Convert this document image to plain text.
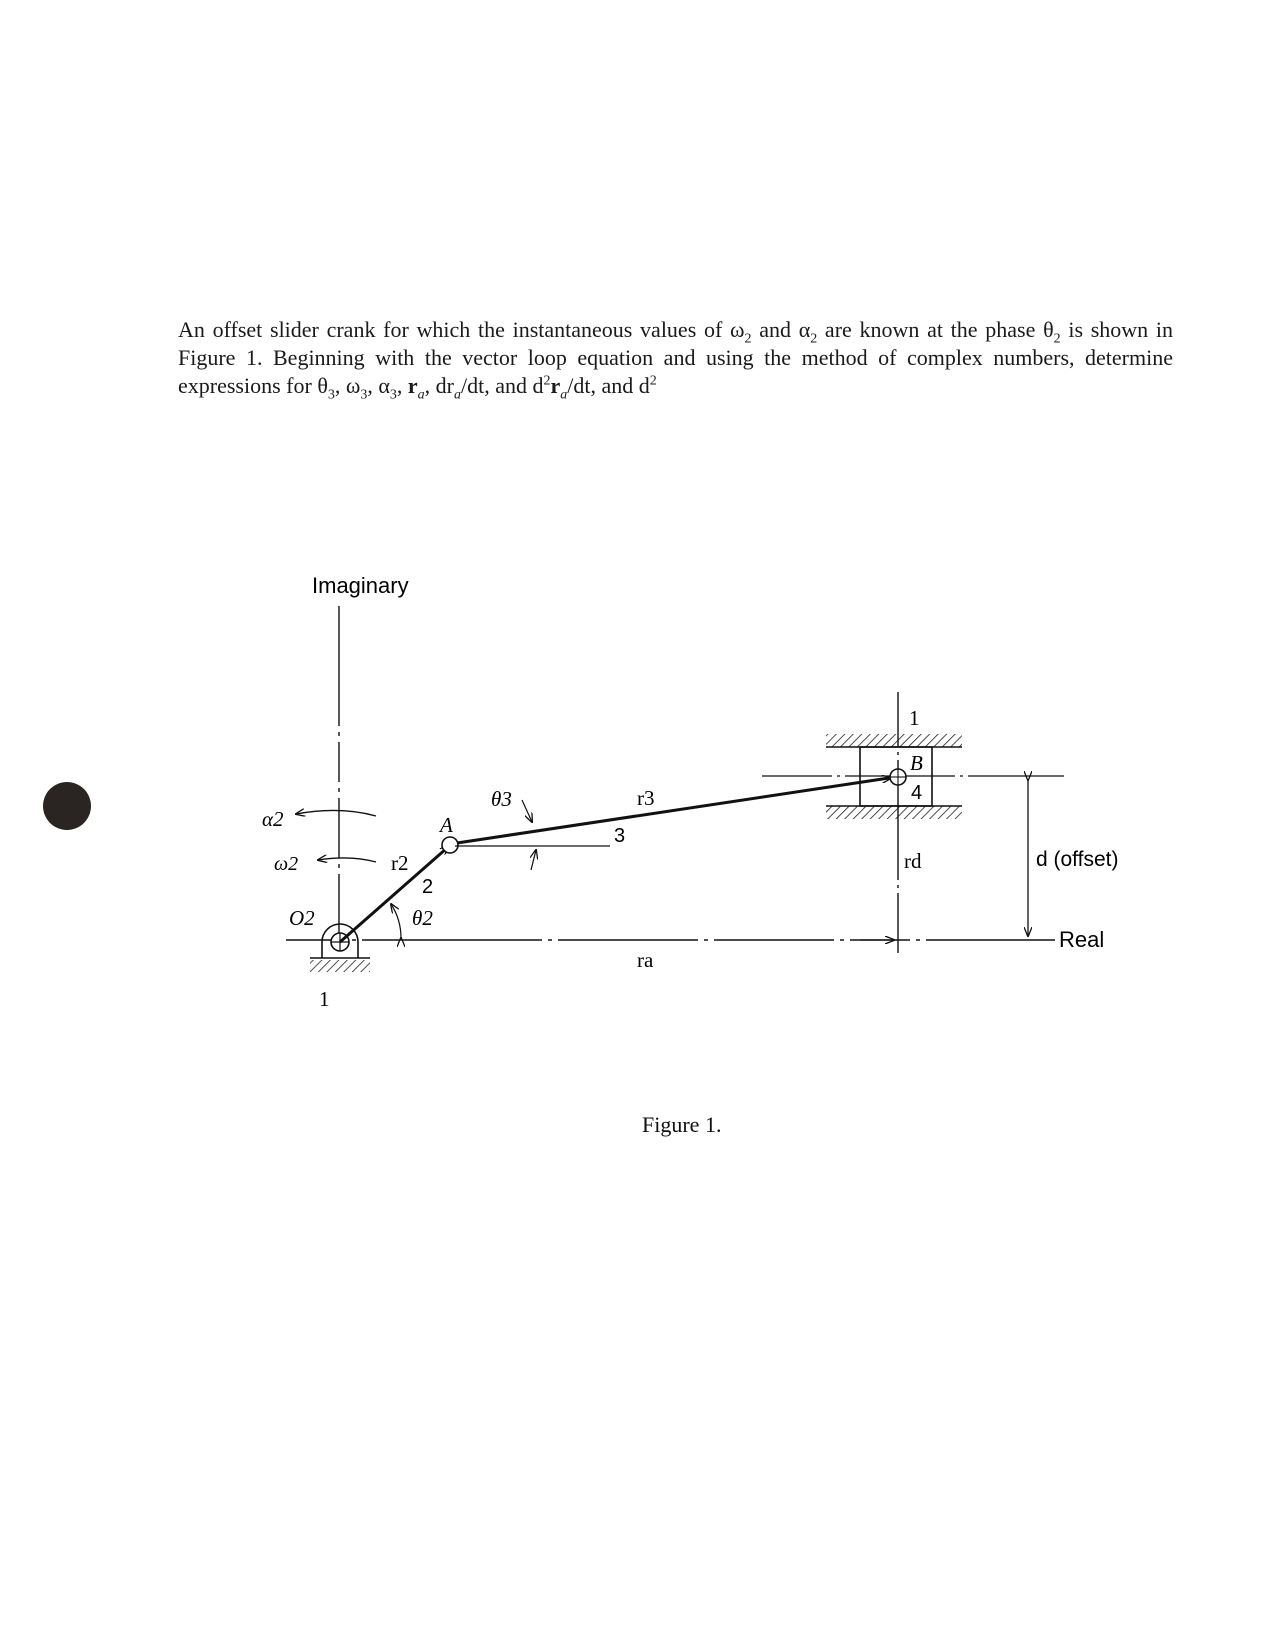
An offset slider crank for which the instantaneous values of $\omega_2$ and $\alpha_2$ are known at the phase $\theta_2$ is shown in Figure 1. Beginning with the vector loop equation and using the method of complex numbers, determine expressions for $\theta_3$, $\omega_3$, $\alpha_3$, $r_a$, $dr_a/dt$, and $d^2r_a/dt$, and $d^2$

Imaginary
Real
O2
1
r2
2
θ2
A
r3
3
θ3
ra
1
B
4
rd	d (offset)
α2
ω2
Figure 1.
